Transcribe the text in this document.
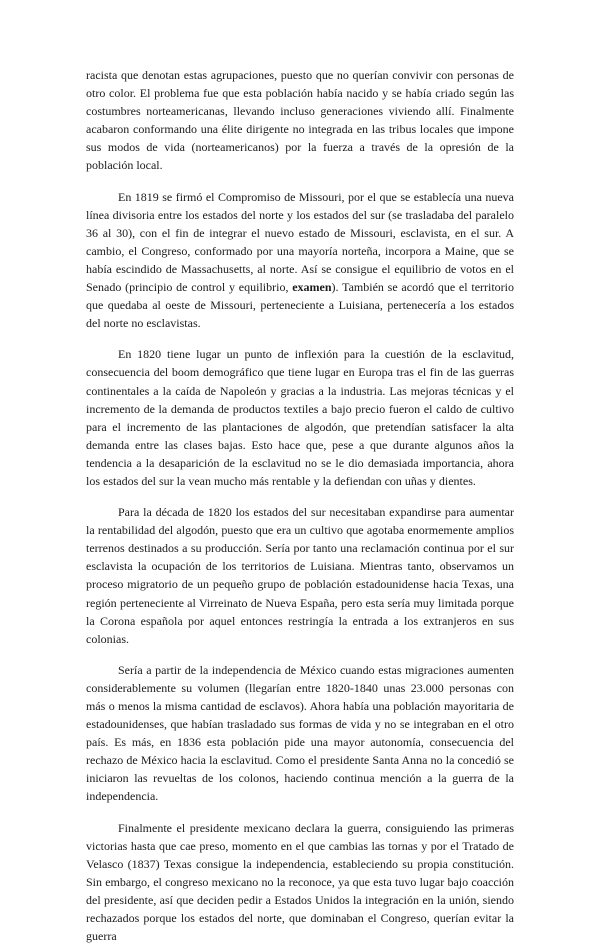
racista que denotan estas agrupaciones, puesto que no querían convivir con personas de otro color. El problema fue que esta población había nacido y se había criado según las costumbres norteamericanas, llevando incluso generaciones viviendo allí. Finalmente acabaron conformando una élite dirigente no integrada en las tribus locales que impone sus modos de vida (norteamericanos) por la fuerza a través de la opresión de la población local.

En 1819 se firmó el Compromiso de Missouri, por el que se establecía una nueva línea divisoria entre los estados del norte y los estados del sur (se trasladaba del paralelo 36 al 30), con el fin de integrar el nuevo estado de Missouri, esclavista, en el sur. A cambio, el Congreso, conformado por una mayoría norteña, incorpora a Maine, que se había escindido de Massachusetts, al norte. Así se consigue el equilibrio de votos en el Senado (principio de control y equilibrio, examen). También se acordó que el territorio que quedaba al oeste de Missouri, perteneciente a Luisiana, pertenecería a los estados del norte no esclavistas.

En 1820 tiene lugar un punto de inflexión para la cuestión de la esclavitud, consecuencia del boom demográfico que tiene lugar en Europa tras el fin de las guerras continentales a la caída de Napoleón y gracias a la industria. Las mejoras técnicas y el incremento de la demanda de productos textiles a bajo precio fueron el caldo de cultivo para el incremento de las plantaciones de algodón, que pretendían satisfacer la alta demanda entre las clases bajas. Esto hace que, pese a que durante algunos años la tendencia a la desaparición de la esclavitud no se le dio demasiada importancia, ahora los estados del sur la vean mucho más rentable y la defiendan con uñas y dientes.

Para la década de 1820 los estados del sur necesitaban expandirse para aumentar la rentabilidad del algodón, puesto que era un cultivo que agotaba enormemente amplios terrenos destinados a su producción. Sería por tanto una reclamación continua por el sur esclavista la ocupación de los territorios de Luisiana. Mientras tanto, observamos un proceso migratorio de un pequeño grupo de población estadounidense hacia Texas, una región perteneciente al Virreinato de Nueva España, pero esta sería muy limitada porque la Corona española por aquel entonces restringía la entrada a los extranjeros en sus colonias.

Sería a partir de la independencia de México cuando estas migraciones aumenten considerablemente su volumen (llegarían entre 1820-1840 unas 23.000 personas con más o menos la misma cantidad de esclavos). Ahora había una población mayoritaria de estadounidenses, que habían trasladado sus formas de vida y no se integraban en el otro país. Es más, en 1836 esta población pide una mayor autonomía, consecuencia del rechazo de México hacia la esclavitud. Como el presidente Santa Anna no la concedió se iniciaron las revueltas de los colonos, haciendo continua mención a la guerra de la independencia.

Finalmente el presidente mexicano declara la guerra, consiguiendo las primeras victorias hasta que cae preso, momento en el que cambias las tornas y por el Tratado de Velasco (1837) Texas consigue la independencia, estableciendo su propia constitución. Sin embargo, el congreso mexicano no la reconoce, ya que esta tuvo lugar bajo coacción del presidente, así que deciden pedir a Estados Unidos la integración en la unión, siendo rechazados porque los estados del norte, que dominaban el Congreso, querían evitar la guerra
